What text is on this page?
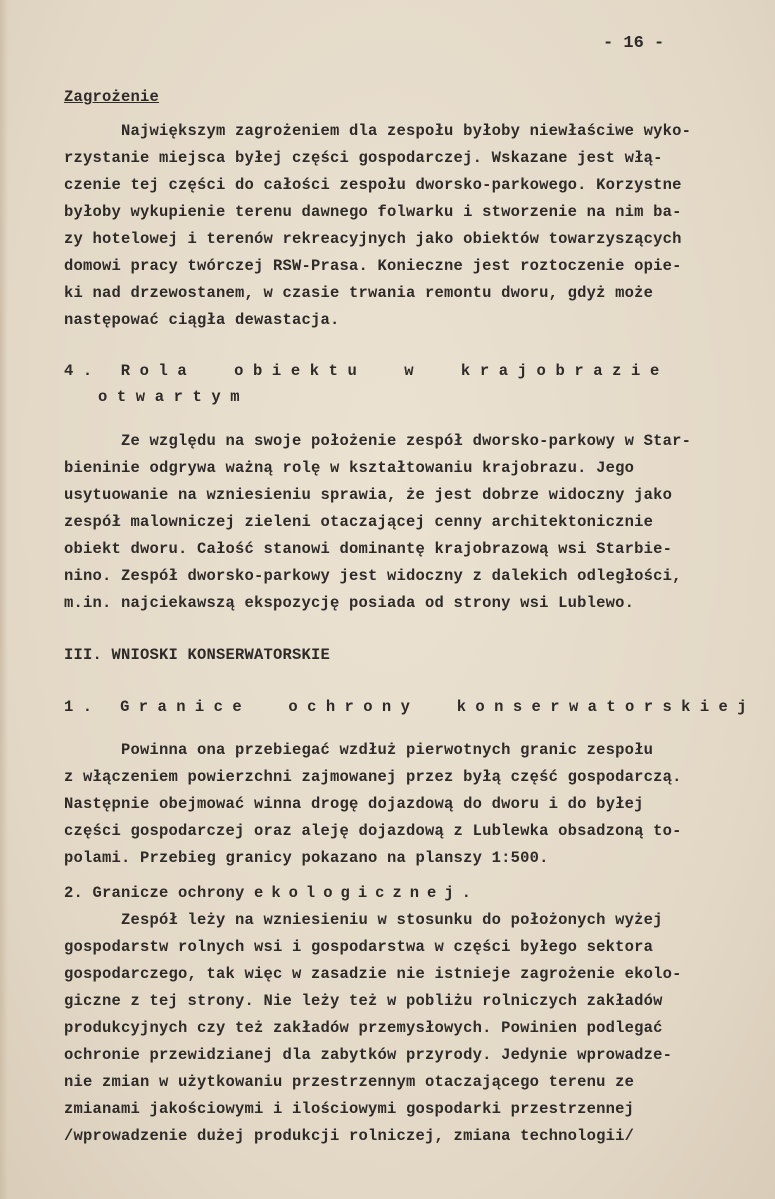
- 16 -
Zagrożenie
Największym zagrożeniem dla zespołu byłoby niewłaściwe wyko-
rzystanie miejsca byłej części gospodarczej. Wskazane jest włą-
czenie tej części do całości zespołu dworsko-parkowego. Korzystne
byłoby wykupienie terenu dawnego folwarku i stworzenie na nim ba-
zy hotelowej i terenów rekreacyjnych jako obiektów towarzyszących
domowi pracy twórczej RSW-Prasa. Konieczne jest roztoczenie opie-
ki nad drzewostanem, w czasie trwania remontu dworu, gdyż może
następować ciągła dewastacja.
4. Rola  obiektu  w  krajobrazie
otwartym
Ze względu na swoje położenie zespół dworsko-parkowy w Star-
bieninie odgrywa ważną rolę w kształtowaniu krajobrazu. Jego
usytuowanie na wzniesieniu sprawia, że jest dobrze widoczny jako
zespół malowniczej zieleni otaczającej cenny architektonicznie
obiekt dworu. Całość stanowi dominantę krajobrazową wsi Starbie-
nino. Zespół dworsko-parkowy jest widoczny z dalekich odległości,
m.in. najciekawszą ekspozycję posiada od strony wsi Lublewo.
III. WNIOSKI KONSERWATORSKIE
1. Granice  ochrony  konserwatorskiej
Powinna ona przebiegać wzdłuż pierwotnych granic zespołu
z włączeniem powierzchni zajmowanej przez byłą część gospodarczą.
Następnie obejmować winna drogę dojazdową do dworu i do byłej
części gospodarczej oraz aleję dojazdową z Lublewka obsadzoną to-
polami. Przebieg granicy pokazano na planszy 1:500.
2. Granicze ochrony ekologicznej.
Zespół leży na wzniesieniu w stosunku do położonych wyżej
gospodarstw rolnych wsi i gospodarstwa w części byłego sektora
gospodarczego, tak więc w zasadzie nie istnieje zagrożenie ekolo-
giczne z tej strony. Nie leży też w pobliżu rolniczych zakładów
produkcyjnych czy też zakładów przemysłowych. Powinien podlegać
ochronie przewidzianej dla zabytków przyrody. Jedynie wprowadze-
nie zmian w użytkowaniu przestrzennym otaczającego terenu ze
zmianami jakościowymi i ilościowymi gospodarki przestrzennej
/wprowadzenie dużej produkcji rolniczej, zmiana technologii/
